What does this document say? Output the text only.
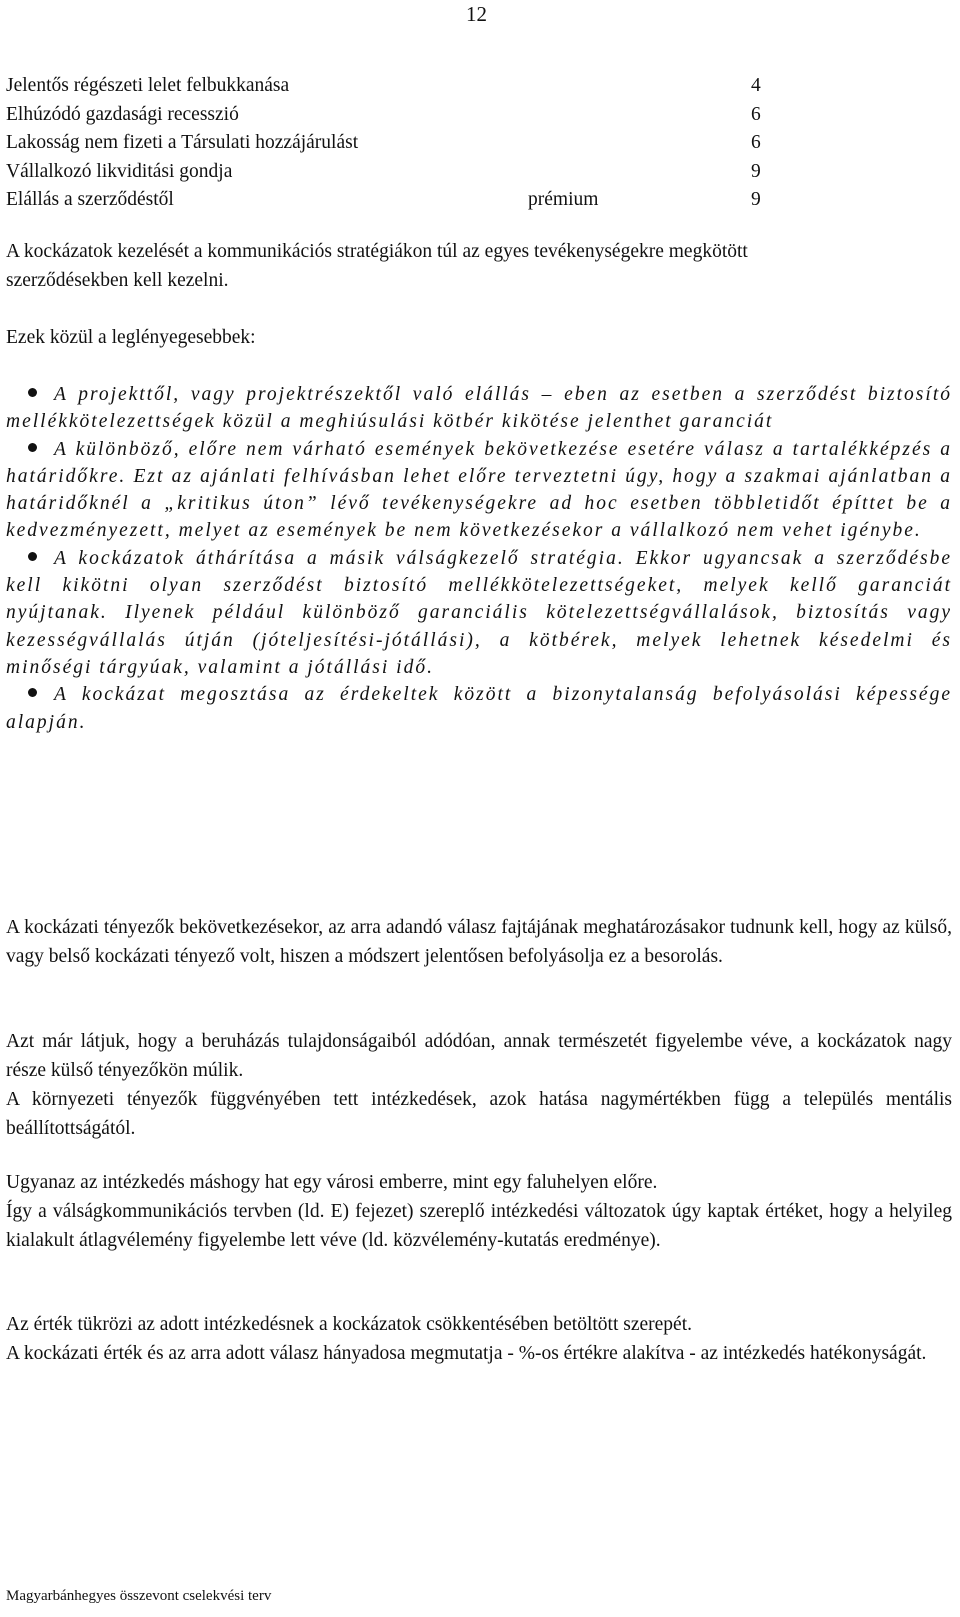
12
Jelentős régészeti lelet felbukkanása	4
Elhúzódó gazdasági recesszió	6
Lakosság nem fizeti a Társulati hozzájárulást	6
Vállalkozó likviditási gondja	9
Elállás a szerződéstől	prémium	9

A kockázatok kezelését a kommunikációs stratégiákon túl az egyes tevékenységekre megkötött szerződésekben kell kezelni.

Ezek közül a leglényegesebbek:

A projekttől, vagy projektrészektől való elállás – eben az esetben a szerződést biztosító mellékkötelezettségek közül a meghiúsulási kötbér kikötése jelenthet garanciát
A különböző, előre nem várható események bekövetkezése esetére válasz a tartalékképzés a határidőkre. Ezt az ajánlati felhívásban lehet előre terveztetni úgy, hogy a szakmai ajánlatban a határidőknél a „kritikus úton” lévő tevékenységekre ad hoc esetben többletidőt építtet be a kedvezményezett, melyet az események be nem következésekor a vállalkozó nem vehet igénybe.
A kockázatok áthárítása a másik válságkezelő stratégia. Ekkor ugyancsak a szerződésbe kell kikötni olyan szerződést biztosító mellékkötelezettségeket, melyek kellő garanciát nyújtanak. Ilyenek például különböző garanciális kötelezettségvállalások, biztosítás vagy kezességvállalás útján (jóteljesítési-jótállási), a kötbérek, melyek lehetnek késedelmi és minőségi tárgyúak, valamint a jótállási idő.
A kockázat megosztása az érdekeltek között a bizonytalanság befolyásolási képessége alapján.

A kockázati tényezők bekövetkezésekor, az arra adandó válasz fajtájának meghatározásakor tudnunk kell, hogy az külső, vagy belső kockázati tényező volt, hiszen a módszert jelentősen befolyásolja ez a besorolás.

Azt már látjuk, hogy a beruházás tulajdonságaiból adódóan, annak természetét figyelembe véve, a kockázatok nagy része külső tényezőkön múlik.

A környezeti tényezők függvényében tett intézkedések, azok hatása nagymértékben függ a település mentális beállítottságától.

Ugyanaz az intézkedés máshogy hat egy városi emberre, mint egy faluhelyen előre.

Így a válságkommunikációs tervben (ld. E) fejezet) szereplő intézkedési változatok úgy kaptak értéket, hogy a helyileg kialakult átlagvélemény figyelembe lett véve (ld. közvélemény-kutatás eredménye).

Az érték tükrözi az adott intézkedésnek a kockázatok csökkentésében betöltött szerepét.

A kockázati érték és az arra adott válasz hányadosa megmutatja - %-os értékre alakítva - az intézkedés hatékonyságát.

Magyarbánhegyes összevont cselekvési terv
